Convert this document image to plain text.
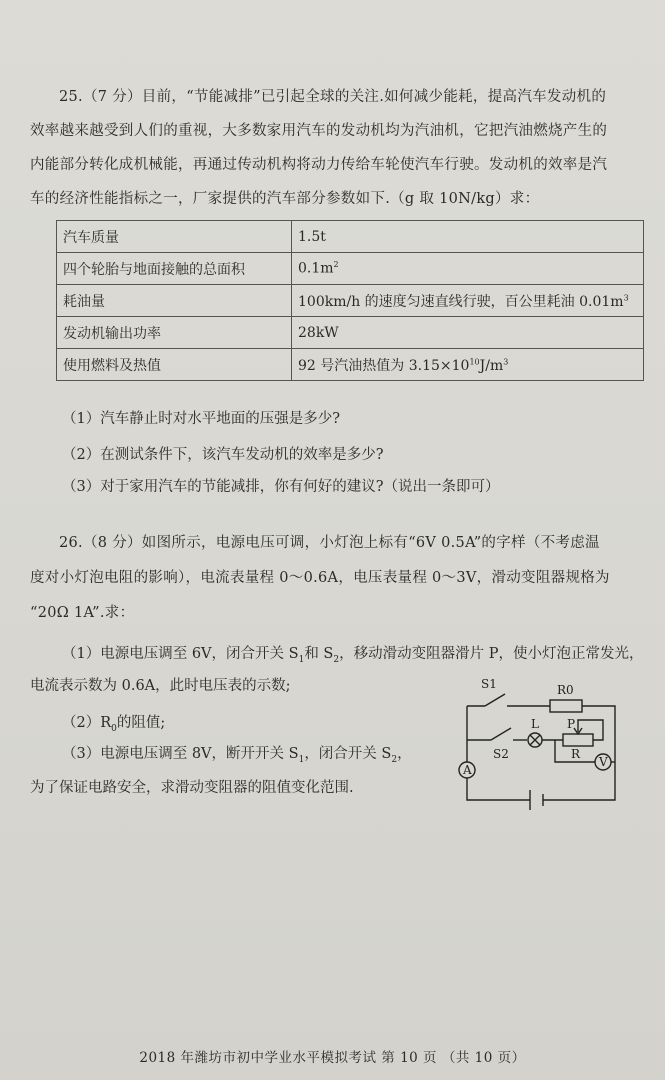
25.（7 分）目前，“节能减排”已引起全球的关注.如何减少能耗，提高汽车发动机的
效率越来越受到人们的重视，大多数家用汽车的发动机均为汽油机，它把汽油燃烧产生的
内能部分转化成机械能，再通过传动机构将动力传给车轮使汽车行驶。发动机的效率是汽
车的经济性能指标之一，厂家提供的汽车部分参数如下.（g 取 10N/kg）求：
汽车质量	1.5t
四个轮胎与地面接触的总面积	$0.1m^2$
耗油量	100km/h 的速度匀速直线行驶，百公里耗油 $0.01m^3$
发动机输出功率	28kW
使用燃料及热值	92 号汽油热值为 $3.15\times 10^{10}J/m^3$
（1）汽车静止时对水平地面的压强是多少?
（2）在测试条件下，该汽车发动机的效率是多少?
（3）对于家用汽车的节能减排，你有何好的建议?（说出一条即可）
26.（8 分）如图所示，电源电压可调，小灯泡上标有“6V 0.5A”的字样（不考虑温
度对小灯泡电阻的影响），电流表量程 0～0.6A，电压表量程 0～3V，滑动变阻器规格为
“20Ω 1A”.求：
（1）电源电压调至 6V，闭合开关 $S_1$和 $S_2$，移动滑动变阻器滑片 P，使小灯泡正常发光，
电流表示数为 0.6A，此时电压表的示数;
$(2)R_0$的阻值;
（3）电源电压调至 8V，断开开关 $S_1$，闭合开关 $S_2$，
为了保证电路安全，求滑动变阻器的阻值变化范围.
S1	R0
L P
R
S2
A
V
2018 年潍坊市初中学业水平模拟考试 第 10 页 （共 10 页）
